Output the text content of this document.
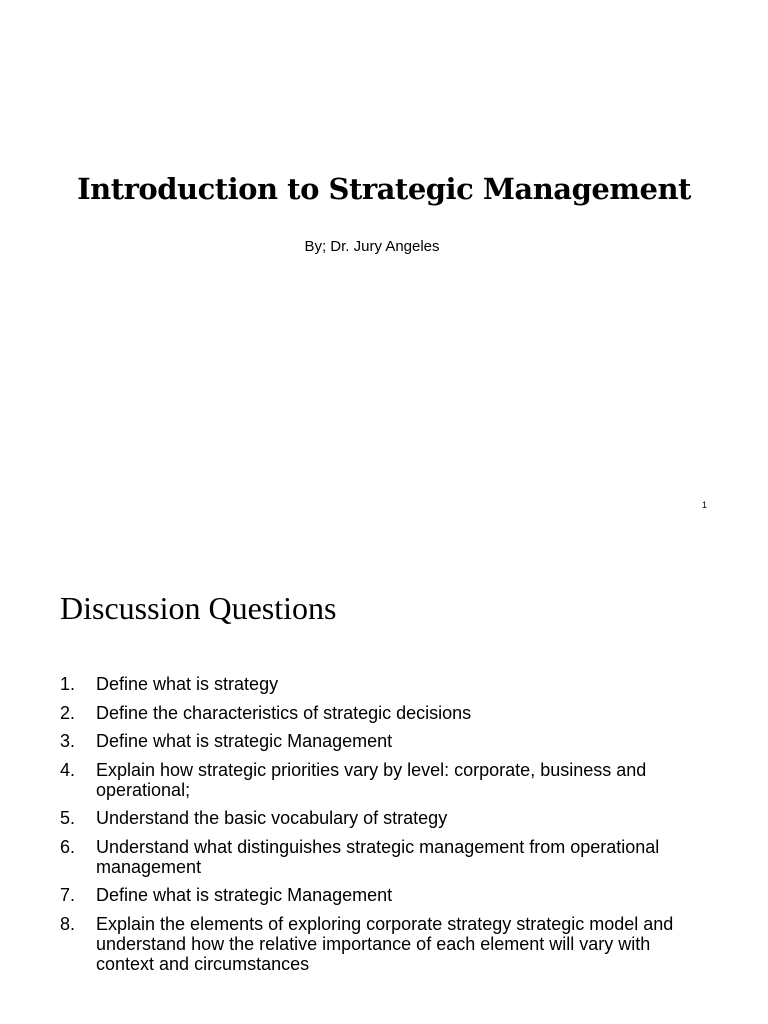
Introduction to Strategic Management

By; Dr. Jury Angeles

1
Discussion Questions
1. Define what is strategy
2. Define the characteristics of strategic decisions
3. Define what is strategic Management
4. Explain how strategic priorities vary by level: corporate, business and operational;
5. Understand the basic vocabulary of strategy
6. Understand what distinguishes strategic management from operational management
7. Define what is strategic Management
8. Explain the elements of exploring corporate strategy strategic model and understand how the relative importance of each element will vary with context and circumstances
